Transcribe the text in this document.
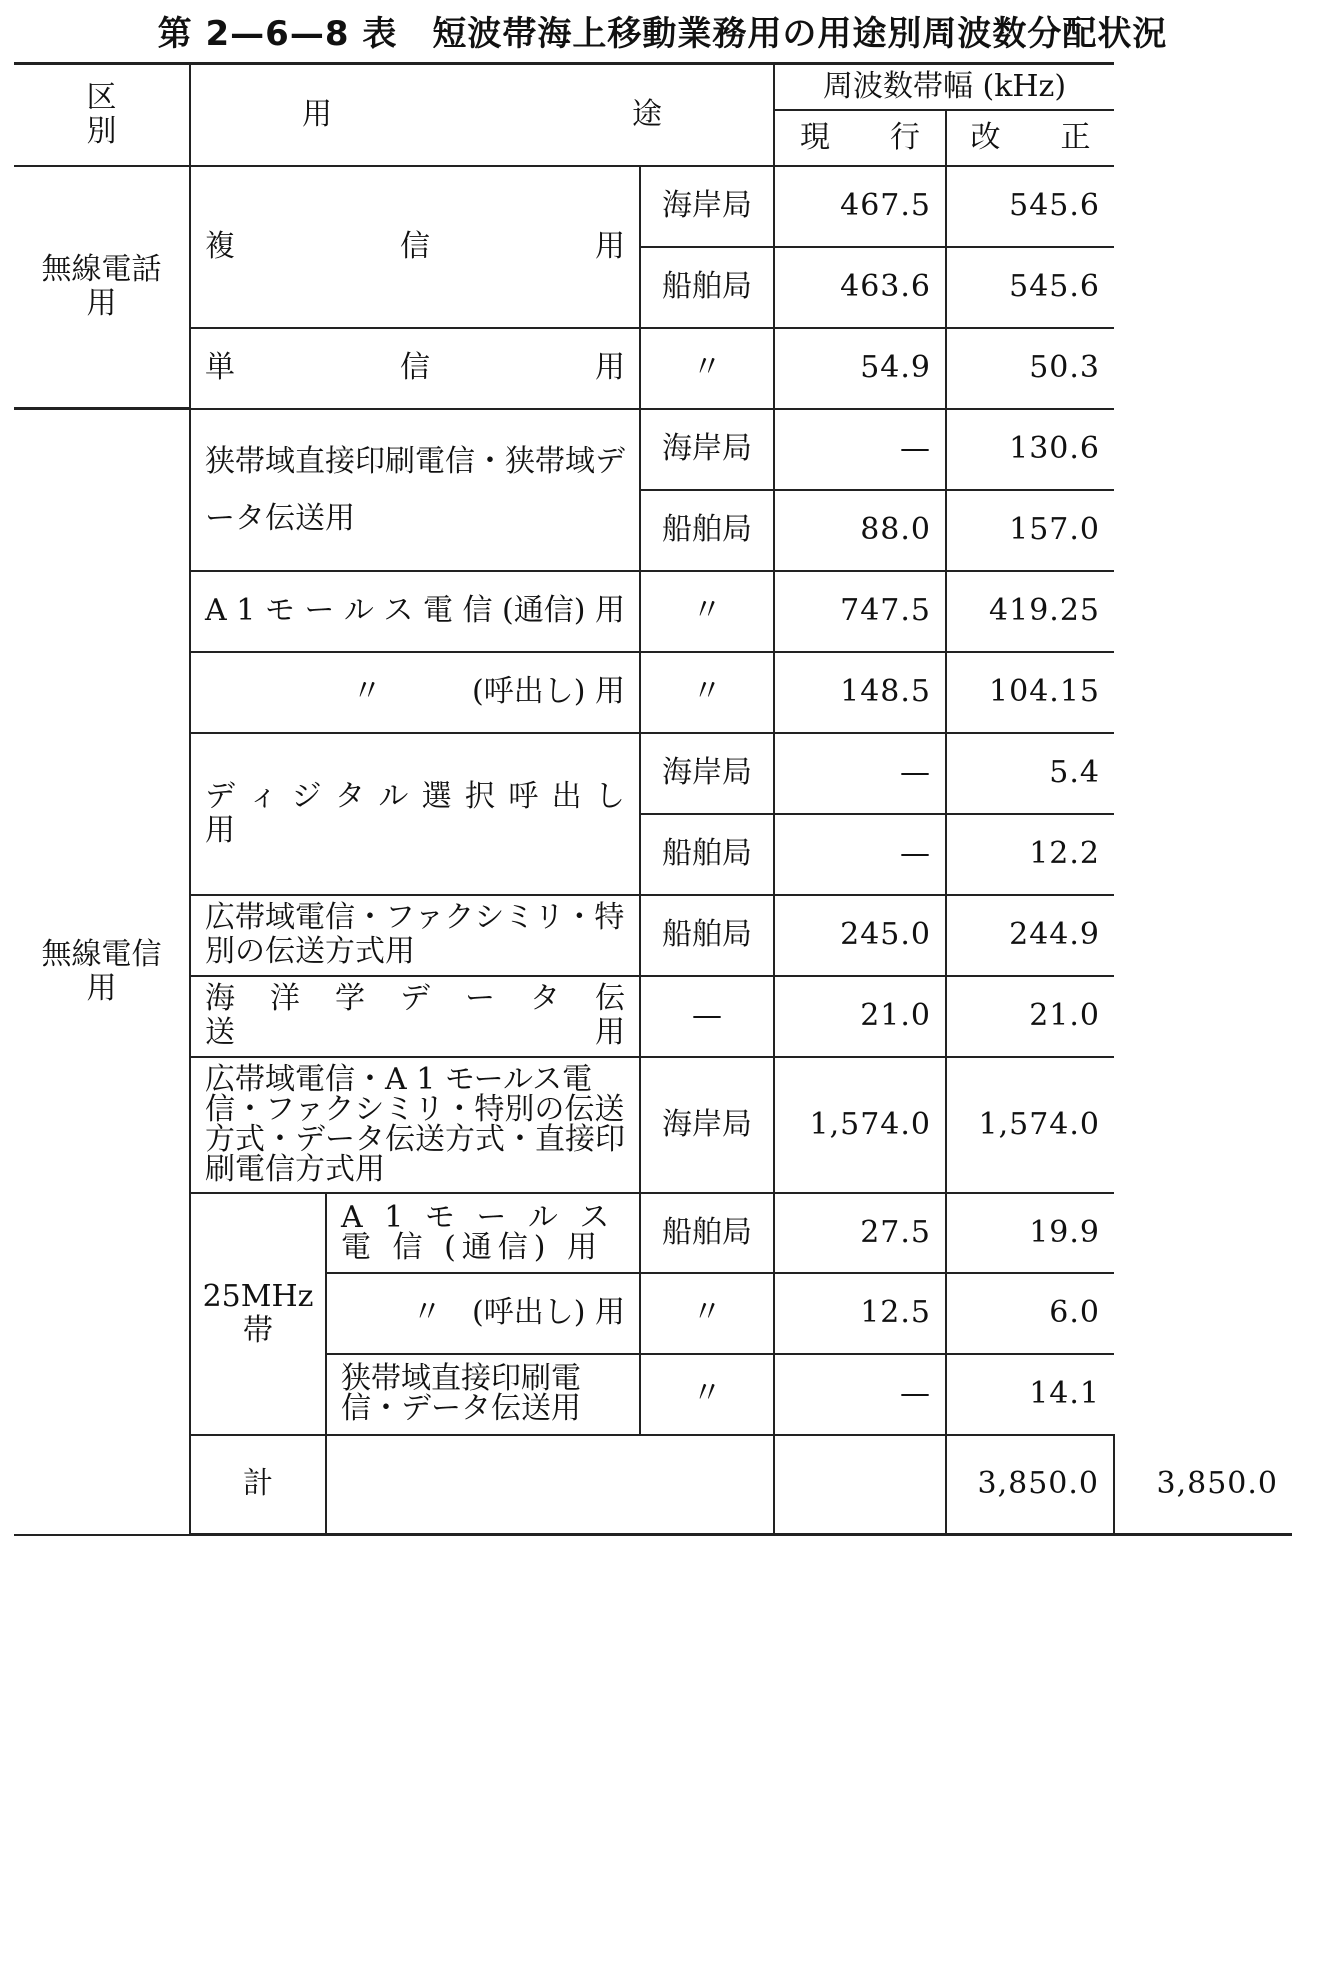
第 2—6—8 表　短波帯海上移動業務用の用途別周波数分配状況
区　　　別	用　　　　　　　　　　途			周波数帯幅 (kHz)		
				現　　行	改　　正	
無線電話用	複　　　　信　　　　用		海岸局	467.5	545.6	
			船舶局	463.6	545.6	
	単　　　　信　　　　用		〃	54.9	50.3	
無線電信用	狭帯域直接印刷電信・狭帯域データ伝送用		海岸局	—	130.6	
			船舶局	88.0	157.0	
	A 1 モ ー ル ス 電 信 (通信) 用		〃	747.5	419.25	
	〃　　　(呼出し) 用		〃	148.5	104.15	
	デ ィ ジ タ ル 選 択 呼 出 し 用		海岸局	—	5.4	
			船舶局	—	12.2	
	広帯域電信・ファクシミリ・特別の伝送方式用		船舶局	245.0	244.9	
	海　洋　学　デ　ー　タ　伝　送　用		—	21.0	21.0	
	広帯域電信・A 1 モールス電信・ファクシミリ・特別の伝送方式・データ伝送方式・直接印刷電信方式用		海岸局	1,574.0	1,574.0	
	25MHz帯	A 1 モ ー ル ス 電 信 (通信) 用	船舶局	27.5	19.9	
		〃　(呼出し) 用	〃	12.5	6.0	
		狭帯域直接印刷電信・データ伝送用	〃	—	14.1	
	計				3,850.0	3,850.0
